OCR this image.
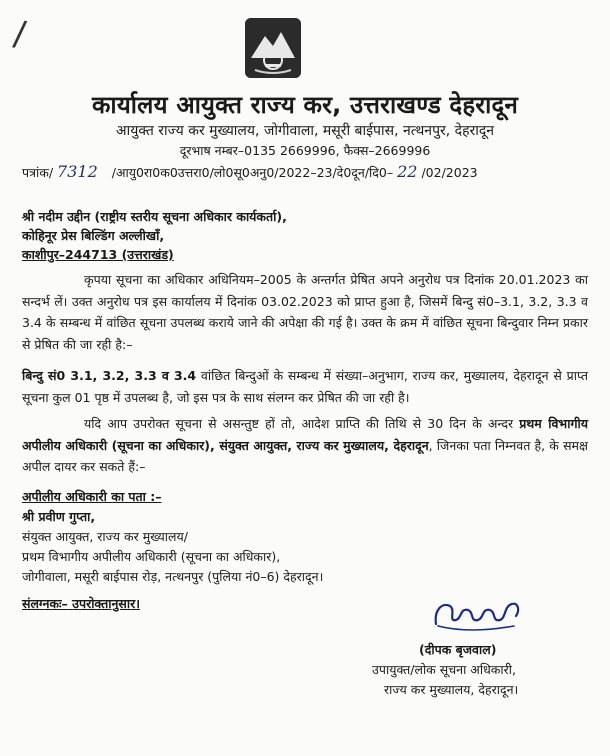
/
कार्यालय आयुक्त राज्य कर, उत्तराखण्ड देहरादून
आयुक्त राज्य कर मुख्यालय, जोगीवाला, मसूरी बाईपास, नत्थनपुर, देहरादून
दूरभाष नम्बर–0135 2669996, फैक्स–2669996
पत्रांक/ 7312 /आयु0रा0क0उत्तरा0/लो0सू0अनु0/2022–23/दे0दून/दि0– 22 /02/2023
श्री नदीम उद्दीन (राष्ट्रीय स्तरीय सूचना अधिकार कार्यकर्ता),
कोहिनूर प्रेस बिल्डिंग अल्लीखाँ,
काशीपुर–244713 (उत्तराखंड)
कृपया सूचना का अधिकार अधिनियम–2005 के अन्तर्गत प्रेषित अपने अनुरोध पत्र दिनांक 20.01.2023 का सन्दर्भ लें। उक्त अनुरोध पत्र इस कार्यालय में दिनांक 03.02.2023 को प्राप्त हुआ है, जिसमें बिन्दु सं0–3.1, 3.2, 3.3 व 3.4 के सम्बन्ध में वांछित सूचना उपलब्ध कराये जाने की अपेक्षा की गई है। उक्त के क्रम में वांछित सूचना बिन्दुवार निम्न प्रकार से प्रेषित की जा रही है:–
बिन्दु सं0 3.1, 3.2, 3.3 व 3.4 वांछित बिन्दुओं के सम्बन्ध में संख्या–अनुभाग, राज्य कर, मुख्यालय, देहरादून से प्राप्त सूचना कुल 01 पृष्ठ में उपलब्ध है, जो इस पत्र के साथ संलग्न कर प्रेषित की जा रही है।
यदि आप उपरोक्त सूचना से असन्तुष्ट हों तो, आदेश प्राप्ति की तिथि से 30 दिन के अन्दर प्रथम विभागीय अपीलीय अधिकारी (सूचना का अधिकार), संयुक्त आयुक्त, राज्य कर मुख्यालय, देहरादून, जिनका पता निम्नवत है, के समक्ष अपील दायर कर सकते हैं:–
अपीलीय अधिकारी का पता :–
श्री प्रवीण गुप्ता,
संयुक्त आयुक्त, राज्य कर मुख्यालय/
प्रथम विभागीय अपीलीय अधिकारी (सूचना का अधिकार),
जोगीवाला, मसूरी बाईपास रोड़, नत्थनपुर (पुलिया नं0–6) देहरादून।
संलग्नकः– उपरोक्तानुसार।
(दीपक बृजवाल)
उपायुक्त/लोक सूचना अधिकारी,
राज्य कर मुख्यालय, देहरादून।
